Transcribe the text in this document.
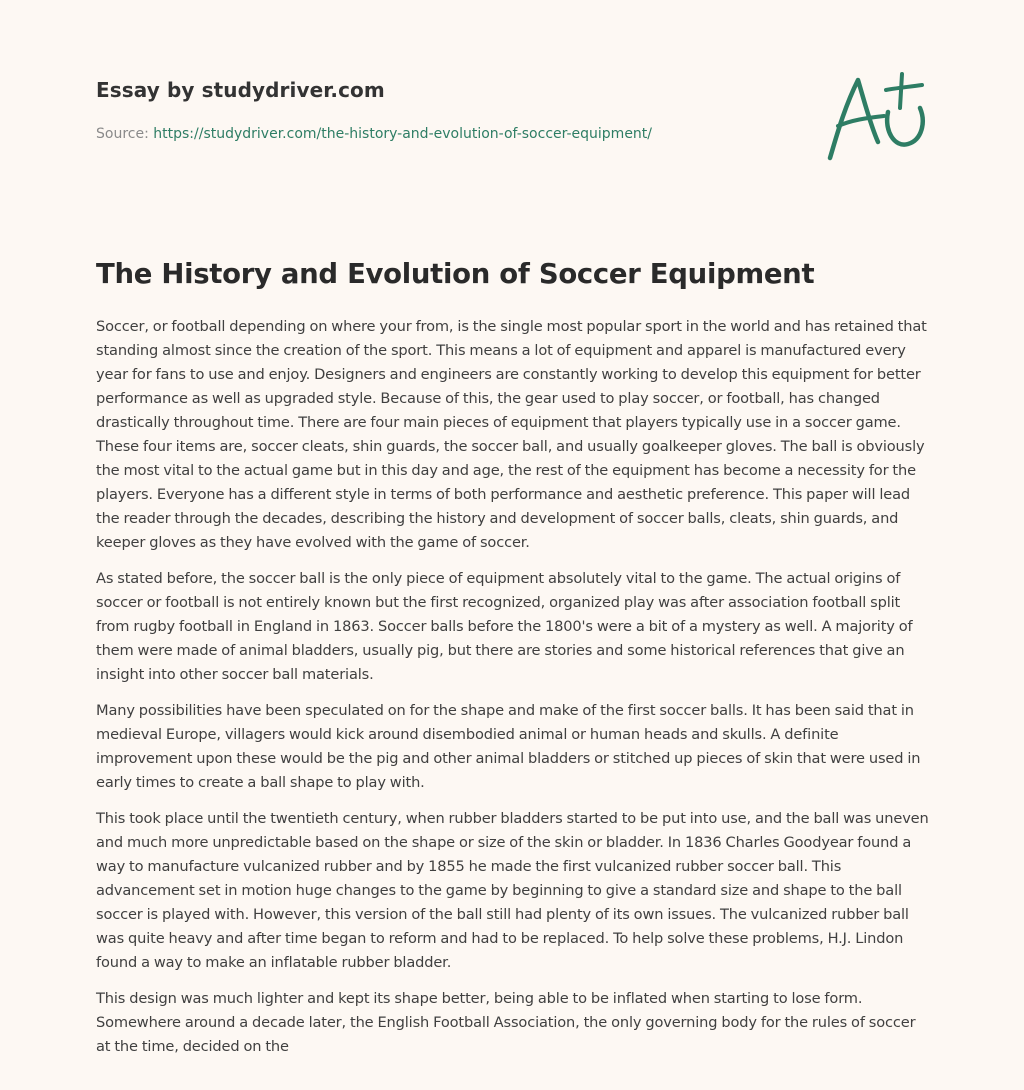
Essay by studydriver.com
Source: https://studydriver.com/the-history-and-evolution-of-soccer-equipment/
The History and Evolution of Soccer Equipment

Soccer, or football depending on where your from, is the single most popular sport in the world and has retained that standing almost since the creation of the sport. This means a lot of equipment and apparel is manufactured every year for fans to use and enjoy. Designers and engineers are constantly working to develop this equipment for better performance as well as upgraded style. Because of this, the gear used to play soccer, or football, has changed drastically throughout time. There are four main pieces of equipment that players typically use in a soccer game. These four items are, soccer cleats, shin guards, the soccer ball, and usually goalkeeper gloves. The ball is obviously the most vital to the actual game but in this day and age, the rest of the equipment has become a necessity for the players. Everyone has a different style in terms of both performance and aesthetic preference. This paper will lead the reader through the decades, describing the history and development of soccer balls, cleats, shin guards, and keeper gloves as they have evolved with the game of soccer.

As stated before, the soccer ball is the only piece of equipment absolutely vital to the game. The actual origins of soccer or football is not entirely known but the first recognized, organized play was after association football split from rugby football in England in 1863. Soccer balls before the 1800's were a bit of a mystery as well. A majority of them were made of animal bladders, usually pig, but there are stories and some historical references that give an insight into other soccer ball materials.

Many possibilities have been speculated on for the shape and make of the first soccer balls. It has been said that in medieval Europe, villagers would kick around disembodied animal or human heads and skulls. A definite improvement upon these would be the pig and other animal bladders or stitched up pieces of skin that were used in early times to create a ball shape to play with.

This took place until the twentieth century, when rubber bladders started to be put into use, and the ball was uneven and much more unpredictable based on the shape or size of the skin or bladder. In 1836 Charles Goodyear found a way to manufacture vulcanized rubber and by 1855 he made the first vulcanized rubber soccer ball. This advancement set in motion huge changes to the game by beginning to give a standard size and shape to the ball soccer is played with. However, this version of the ball still had plenty of its own issues. The vulcanized rubber ball was quite heavy and after time began to reform and had to be replaced. To help solve these problems, H.J. Lindon found a way to make an inflatable rubber bladder.

This design was much lighter and kept its shape better, being able to be inflated when starting to lose form. Somewhere around a decade later, the English Football Association, the only governing body for the rules of soccer at the time, decided on the
